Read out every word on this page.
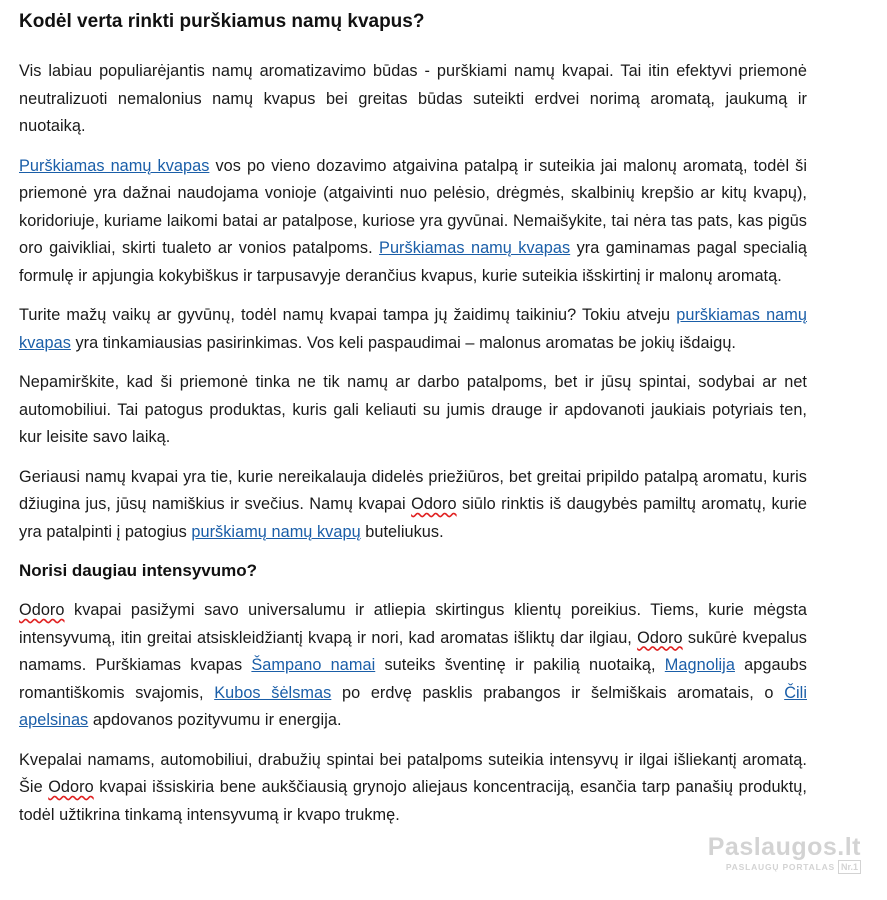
Kodėl verta rinkti purškiamus namų kvapus?

Vis labiau populiarėjantis namų aromatizavimo būdas - purškiami namų kvapai. Tai itin efektyvi priemonė neutralizuoti nemalonius namų kvapus bei greitas būdas suteikti erdvei norimą aromatą, jaukumą ir nuotaiką.

Purškiamas namų kvapas vos po vieno dozavimo atgaivina patalpą ir suteikia jai malonų aromatą, todėl ši priemonė yra dažnai naudojama vonioje (atgaivinti nuo pelėsio, drėgmės, skalbinių krepšio ar kitų kvapų), koridoriuje, kuriame laikomi batai ar patalpose, kuriose yra gyvūnai. Nemaišykite, tai nėra tas pats, kas pigūs oro gaivikliai, skirti tualeto ar vonios patalpoms. Purškiamas namų kvapas yra gaminamas pagal specialią formulę ir apjungia kokybiškus ir tarpusavyje derančius kvapus, kurie suteikia išskirtinį ir malonų aromatą.

Turite mažų vaikų ar gyvūnų, todėl namų kvapai tampa jų žaidimų taikiniu? Tokiu atveju purškiamas namų kvapas yra tinkamiausias pasirinkimas. Vos keli paspaudimai – malonus aromatas be jokių išdaigų.

Nepamirškite, kad ši priemonė tinka ne tik namų ar darbo patalpoms, bet ir jūsų spintai, sodybai ar net automobiliui. Tai patogus produktas, kuris gali keliauti su jumis drauge ir apdovanoti jaukiais potyriais ten, kur leisite savo laiką.

Geriausi namų kvapai yra tie, kurie nereikalauja didelės priežiūros, bet greitai pripildo patalpą aromatu, kuris džiugina jus, jūsų namiškius ir svečius. Namų kvapai Odoro siūlo rinktis iš daugybės pamiltų aromatų, kurie yra patalpinti į patogius purškiamų namų kvapų buteliukus.

Norisi daugiau intensyvumo?

Odoro kvapai pasižymi savo universalumu ir atliepia skirtingus klientų poreikius. Tiems, kurie mėgsta intensyvumą, itin greitai atsiskleidžiantį kvapą ir nori, kad aromatas išliktų dar ilgiau, Odoro sukūrė kvepalus namams. Purškiamas kvapas Šampano namai suteiks šventinę ir pakilią nuotaiką, Magnolija apgaubs romantiškomis svajomis, Kubos šėlsmas po erdvę pasklis prabangos ir šelmiškais aromatais, o Čili apelsinas apdovanos pozityvumu ir energija.

Kvepalai namams, automobiliui, drabužių spintai bei patalpoms suteikia intensyvų ir ilgai išliekantį aromatą. Šie Odoro kvapai išsiskiria bene aukščiausią grynojo aliejaus koncentraciją, esančia tarp panašių produktų, todėl užtikrina tinkamą intensyvumą ir kvapo trukmę.

Paslaugos.lt
PASLAUGŲ PORTALAS Nr.1
